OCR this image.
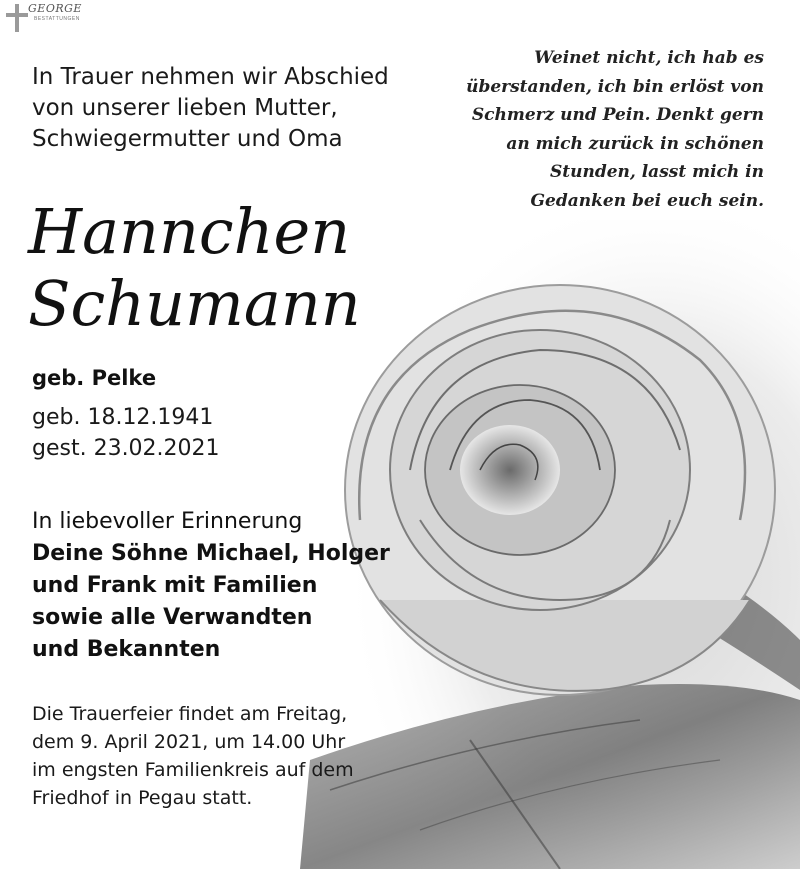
GEORGE
BESTATTUNGEN
In Trauer nehmen wir Abschied
von unserer lieben Mutter,
Schwiegermutter und Oma
Weinet nicht, ich hab es
überstanden, ich bin erlöst von
Schmerz und Pein. Denkt gern
an mich zurück in schönen
Stunden, lasst mich in
Gedanken bei euch sein.
Hannchen
Schumann
geb. Pelke
geb. 18.12.1941
gest. 23.02.2021
In liebevoller Erinnerung
Deine Söhne Michael, Holger
und Frank mit Familien
sowie alle Verwandten
und Bekannten
Die Trauerfeier findet am Freitag,
dem 9. April 2021, um 14.00 Uhr
im engsten Familienkreis auf dem
Friedhof in Pegau statt.
